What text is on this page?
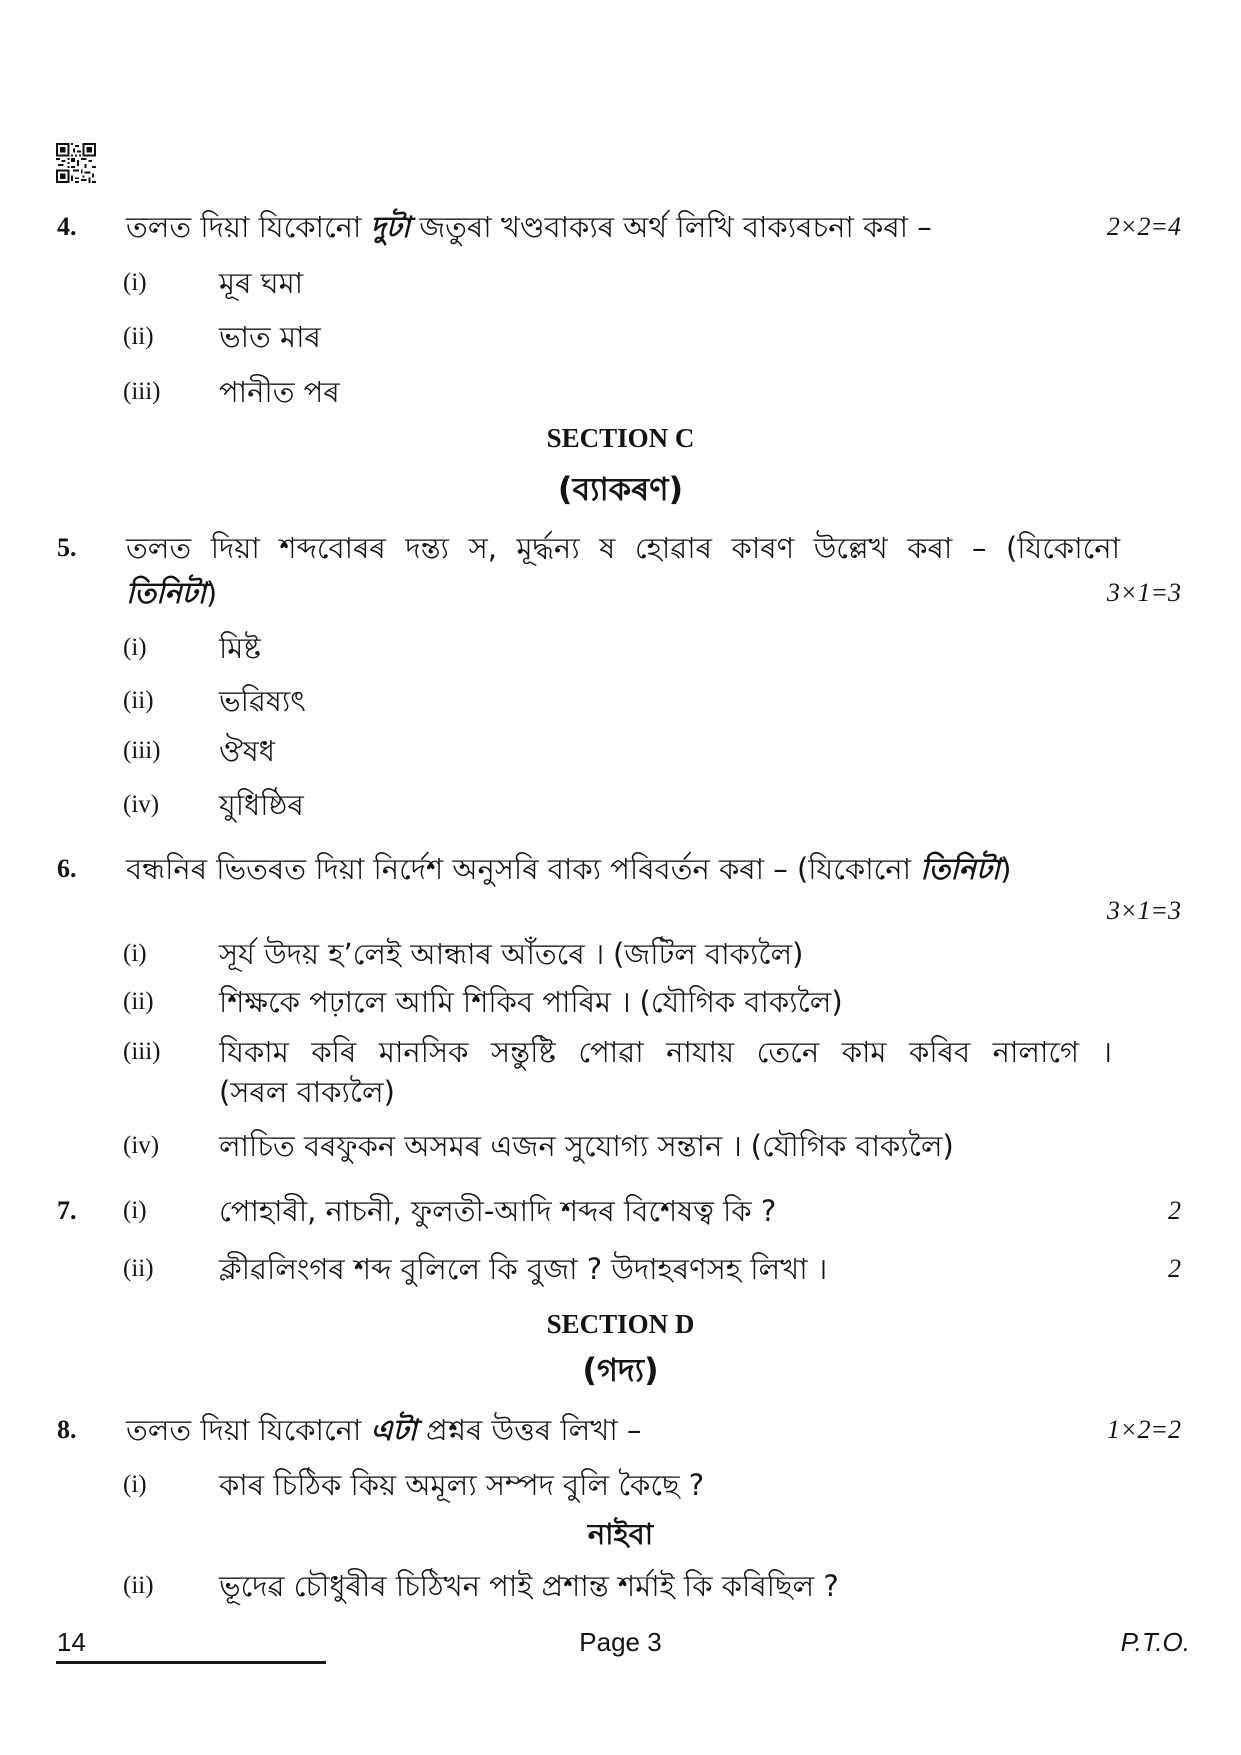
4. তলত দিয়া যিকোনো দুটা জতুৰা খণ্ডবাক্যৰ অৰ্থ লিখি বাক্যৰচনা কৰা –	2×2=4
(i) মূৰ ঘমা
(ii) ভাত মাৰ
(iii) পানীত পৰ
SECTION C
(ব্যাকৰণ)
5. তলত দিয়া শব্দবোৰৰ দন্ত্য স, মূৰ্দ্ধন্য ষ হোৱাৰ কাৰণ উল্লেখ কৰা – (যিকোনো
তিনিটা)	3×1=3
(i) মিষ্ট
(ii) ভৱিষ্যৎ
(iii) ঔষধ
(iv) যুধিষ্ঠিৰ
6. বন্ধনিৰ ভিতৰত দিয়া নিৰ্দেশ অনুসৰি বাক্য পৰিবৰ্তন কৰা – (যিকোনো তিনিটা)
3×1=3
(i) সূৰ্য উদয় হ’লেই আন্ধাৰ আঁতৰে । (জটিল বাক্যলৈ)
(ii) শিক্ষকে পঢ়ালে আমি শিকিব পাৰিম । (যৌগিক বাক্যলৈ)
(iii) যিকাম কৰি মানসিক সন্তুষ্টি পোৱা নাযায় তেনে কাম কৰিব নালাগে ।
(সৰল বাক্যলৈ)
(iv) লাচিত বৰফুকন অসমৰ এজন সুযোগ্য সন্তান । (যৌগিক বাক্যলৈ)
7. (i) পোহাৰী, নাচনী, ফুলতী-আদি শব্দৰ বিশেষত্ব কি ?	2
(ii) ক্লীৱলিংগৰ শব্দ বুলিলে কি বুজা ? উদাহৰণসহ লিখা ।	2
SECTION D
(গদ্য)
8. তলত দিয়া যিকোনো এটা প্ৰশ্নৰ উত্তৰ লিখা –	1×2=2
(i) কাৰ চিঠিক কিয় অমূল্য সম্পদ বুলি কৈছে ?
নাইবা
(ii) ভূদেৱ চৌধুৰীৰ চিঠিখন পাই প্ৰশান্ত শৰ্মাই কি কৰিছিল ?
14	Page 3	P.T.O.
